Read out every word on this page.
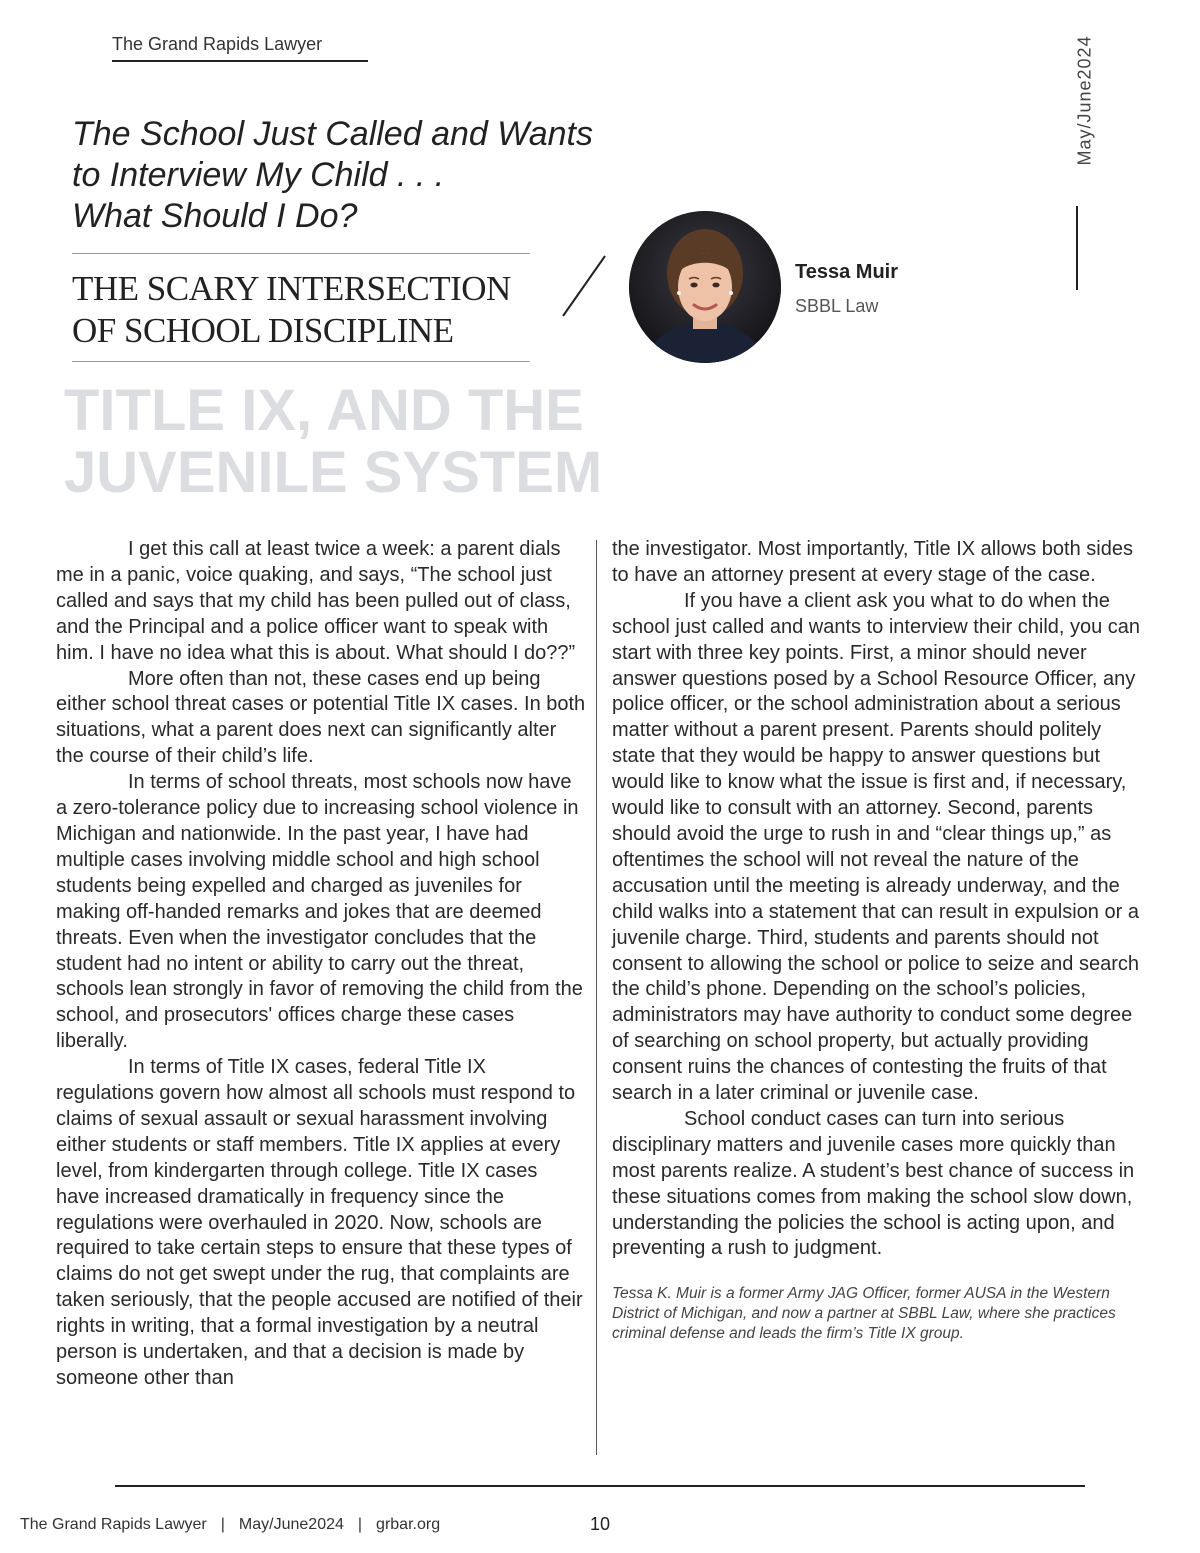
The Grand Rapids Lawyer	May/June2024
The School Just Called and Wants
to Interview My Child . . .
What Should I Do?
THE SCARY INTERSECTION
OF SCHOOL DISCIPLINE
Tessa Muir
SBBL Law
TITLE IX, AND THE
JUVENILE SYSTEM

I get this call at least twice a week: a parent dials me in a panic, voice quaking, and says, “The school just called and says that my child has been pulled out of class, and the Principal and a police officer want to speak with him. I have no idea what this is about. What should I do??”

More often than not, these cases end up being either school threat cases or potential Title IX cases. In both situations, what a parent does next can significantly alter the course of their child’s life.

In terms of school threats, most schools now have a zero-tolerance policy due to increasing school violence in Michigan and nationwide. In the past year, I have had multiple cases involving middle school and high school students being expelled and charged as juveniles for making off-handed remarks and jokes that are deemed threats. Even when the investigator concludes that the student had no intent or ability to carry out the threat, schools lean strongly in favor of removing the child from the school, and prosecutors' offices charge these cases liberally.

In terms of Title IX cases, federal Title IX regulations govern how almost all schools must respond to claims of sexual assault or sexual harassment involving either students or staff members. Title IX applies at every level, from kindergarten through college. Title IX cases have increased dramatically in frequency since the regulations were overhauled in 2020. Now, schools are required to take certain steps to ensure that these types of claims do not get swept under the rug, that complaints are taken seriously, that the people accused are notified of their rights in writing, that a formal investigation by a neutral person is undertaken, and that a decision is made by someone other than

the investigator. Most importantly, Title IX allows both sides to have an attorney present at every stage of the case.

If you have a client ask you what to do when the school just called and wants to interview their child, you can start with three key points. First, a minor should never answer questions posed by a School Resource Officer, any police officer, or the school administration about a serious matter without a parent present. Parents should politely state that they would be happy to answer questions but would like to know what the issue is first and, if necessary, would like to consult with an attorney. Second, parents should avoid the urge to rush in and “clear things up,” as oftentimes the school will not reveal the nature of the accusation until the meeting is already underway, and the child walks into a statement that can result in expulsion or a juvenile charge. Third, students and parents should not consent to allowing the school or police to seize and search the child’s phone. Depending on the school’s policies, administrators may have authority to conduct some degree of searching on school property, but actually providing consent ruins the chances of contesting the fruits of that search in a later criminal or juvenile case.

School conduct cases can turn into serious disciplinary matters and juvenile cases more quickly than most parents realize. A student’s best chance of success in these situations comes from making the school slow down, understanding the policies the school is acting upon, and preventing a rush to judgment.

Tessa K. Muir is a former Army JAG Officer, former AUSA in the Western District of Michigan, and now a partner at SBBL Law, where she practices criminal defense and leads the firm’s Title IX group.

The Grand Rapids Lawyer | May/June2024 | grbar.org	10
